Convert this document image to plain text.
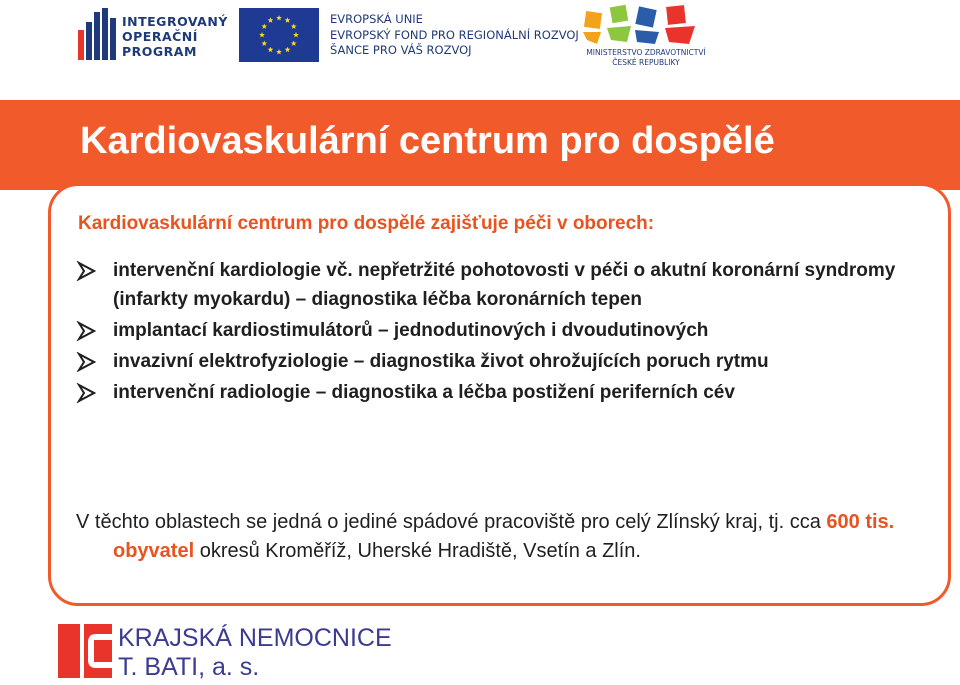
INTEGROVANÝ
OPERAČNÍ
PROGRAM
EVROPSKÁ UNIE
EVROPSKÝ FOND PRO REGIONÁLNÍ ROZVOJ
ŠANCE PRO VÁŠ ROZVOJ	MINISTERSTVO ZDRAVOTNICTVÍ
ČESKÉ REPUBLIKY
Kardiovaskulární centrum pro dospělé
Kardiovaskulární centrum pro dospělé zajišťuje péči v oborech:
intervenční kardiologie vč. nepřetržité pohotovosti v péči o akutní koronární syndromy (infarkty myokardu) – diagnostika léčba koronárních tepen
implantací kardiostimulátorů – jednodutinových i dvoudutinových
invazivní elektrofyziologie – diagnostika život ohrožujících poruch rytmu
intervenční radiologie – diagnostika a léčba postižení periferních cév
V těchto oblastech se jedná o jediné spádové pracoviště pro celý Zlínský kraj, tj. cca 600 tis. obyvatel okresů Kroměříž, Uherské Hradiště, Vsetín a Zlín.
KRAJSKÁ NEMOCNICE
T. BATI, a. s.
